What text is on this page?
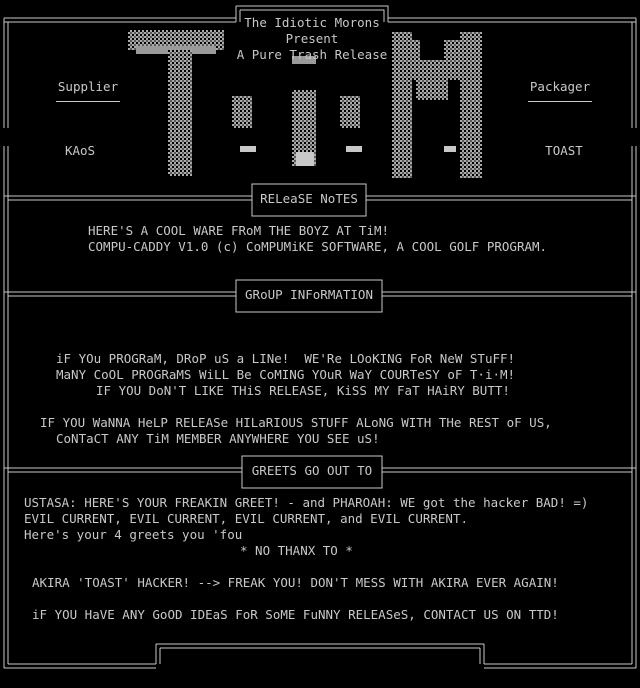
The Idiotic Morons
Present
A Pure Trash Release
Supplier
KAoS
Packager
TOAST
RELeaSE NoTES
HERE'S A COOL WARE FRoM THE BOYZ AT TiM!
COMPU-CADDY V1.0 (c) CoMPUMiKE SOFTWARE, A COOL GOLF PROGRAM.
GRoUP INFoRMATION
iF YOu PROGRaM, DRoP uS a LINe!  WE'Re LOoKING FoR NeW STuFF!
MaNY CoOL PROGRaMS WiLL Be CoMING YOuR WaY COURTeSY oF T·i·M!
IF YOU DoN'T LIKE THiS RELEASE, KiSS MY FaT HAiRY BUTT!
IF YOU WaNNA HeLP RELEASe HILaRIOUS STUFF ALoNG WITH THe REST oF US,
CoNTaCT ANY TiM MEMBER ANYWHERE YOU SEE uS!
GREETS GO OUT TO
USTASA: HERE'S YOUR FREAKIN GREET! - and PHAROAH: WE got the hacker BAD! =)
EVIL CURRENT, EVIL CURRENT, EVIL CURRENT, and EVIL CURRENT.
Here's your 4 greets you 'fou
* NO THANX TO *
AKIRA 'TOAST' HACKER! --> FREAK YOU! DON'T MESS WITH AKIRA EVER AGAIN!
iF YOU HaVE ANY GoOD IDEaS FoR SoME FuNNY RELEASeS, CONTACT US ON TTD!
